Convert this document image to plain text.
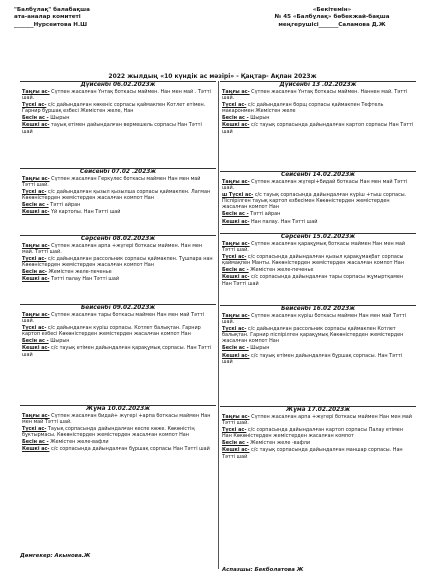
"Балбұлақ" балабақша
ата-аналар комитеті
_______Нурсеитова Н.Ш
«Бекітемін»
№ 45 «Балбұлақ» бөбекжай-бақша
меңгерушісі_______Саламова Д.Ж
2022 жылдың «10 күндік ас мәзірі» - Қаңтар- Ақпан 2023ж
Дүйсенбі 06.02.2023ж
Таңғы ас- Сүтпен жасалған Үнтақ боткасы маймен. Нан мен май . Тәтті шай.
Түскі ас- с/с дайындалған көкеніс сорпасы қаймакпен Котлет етімен. Гарнир бұршақ езбесі Жемістен желе, Нан
Бесін ас - Шырын
Кешкі ас- тауық етімен дайындалған вермешель сорпасы Нан Тәтті шай
Сейсенбі 07.02 .2023ж
Таңғы ас- Сүтпен жасалған Геркулес боткасы маймен Нан мен май Тәтті шай.
Түскі ас- с/с дайындалған қызыл қызылша сорпасы қаймакпен. Лагман Көкөністерден жемістерден жасалған компот Нан
Бесін ас - Тәтті айран
Кешкі ас- Үй картопы. Нан Тәтті шай
Сәрсенбі 08.02.2023ж
Таңғы ас- Сүтпен жасалған арпа +жүгері боткасы маймен. Нан мен май. Тәтті шай.
Түскі ас- с/с дайындалған рассольник сорпасы қаймакпен. Тұшпара нан Көкөністерден жемістерден жасалған компот Нан
Бесін ас- Жемістен желе-печенье
Кешкі ас- Тәтті палау Нан Тәтті шай
Бейсенбі 09.02.2023ж
Таңғы ас- Сүтпен жасалған тары боткасы маймен Нан мен май Тәтті шай.
Түскі ас- с/с дайындалған күріш сорпасы. Котлет балықтан. Гарнир картоп езбесі Көкөністерден жемістерден жасалған компот Нан
Бесін ас - Шырын
Кешкі ас- с/с тауық етімен дайындалған қарақұмық сорпасы. Нан Тәтті шай
Жұма 10.02.2023ж
Таңғы ас- Сүтпен жасалған бидай+ жүгері +арпа боткасы маймен Нан мен май Тәтті шай.
Түскі ас- Тауық сорпасында дайындалған кеспе көже. Көкөністің бұктырмасы. Көкөністерден жемістерден жасалған компот Нан
Бесін ас - Жемістен желе-вафли
Кешкі ас- с/с сорпасында дайындалған бұршақ сорпасы Нан Тәтті шай
Дүйсенбі 13 .02.2023ж
Таңғы ас- Сүтпен жасалған Үнтақ боткасы маймен. Наннен май. Тәтті шай.
Түскі ас- с/с дайындалған борщ сорпасы қаймакпен Тефтель макаронмен Жемістен желе
Бесін ас - Шырын
Кешкі ас- с/с тауық сорпасында дайындалған картоп сорпасы Нан Тәтті шай
Сейсенбі 14.02.2023ж
Таңғы ас- Сүтпен жасалған жүгері+бидай боткасы Нан мен май Тәтті шай.
ш Түскі ас- с/с тауық сорпасында дайындалған күріш +тыш сорпасы. Піспірілген тауық картоп езбесімен Көкөністерден жемістерден жасалған компот Нан
Бесін ас - Тәтті айран
Кешкі ас- Нан палау. Нан Тәтті шай
Сәрсенбі 15.02.2023ж
Таңғы ас- Сүтпен жасалған қарақұмық боткасы маймен Нан мен май Тәтті шай.
Түскі ас- с/с сорпасында дайындалған қызыл қарақұмақбат сорпасы қаймақпен Манты. Көкөністерден жемістерден жасалған компот Нан
Бесін ас - Жемістен желе-печенье
Кешкі ас- с/с сорпасында дайындалған тары сорпасы жұмыртқамен Нан Тәтті шай
Бейсенбі 16.02 2023ж
Таңғы ас- Сүтпен жасалған күріш боткасы маймен Нан мен май Тәтті шай.
Түскі ас- с/с дайындалған рассольник сорпасы қаймакпен Котлет балықтан. Гарнир піспірілген қарақұмық Көкөністерден жемістерден жасалған компот Нан
Бесін ас - Шырын
Кешкі ас- с/с тауық етімен дайындалған бұршақ сорпасы. Нан Тәтті шай
Жұма 17.02.2023ж
Таңғы ас- Сүтпен жасалған арпа +жүгері боткасы маймен Нан мен май Тәтті шай.
Түскі ас- с/с сорпасында дайындалған картоп сорпасы Палау етімен Нан Көкөністерден жемістерден жасалған компот
Бесін ас - Жемістен желе -вафли
Кешкі ас- с/с тауық сорпасында дайындалған маншар сорпасы. Нан Тәтті шай
Дәмгекер: Акынова.Ж
Аспазшы: Бекболатова Ж
